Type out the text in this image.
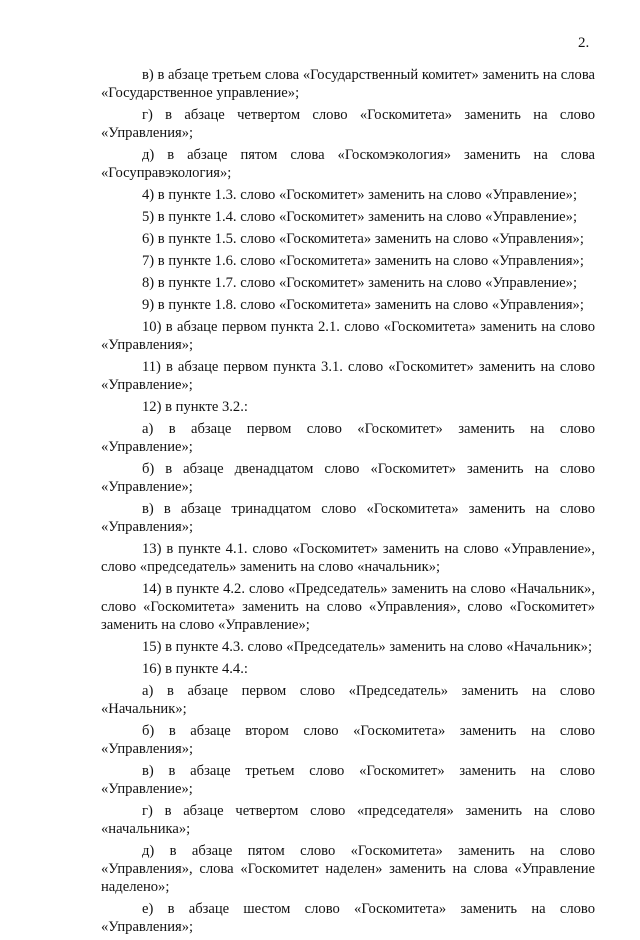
2.

в) в абзаце третьем слова «Государственный комитет» заменить на слова «Государственное управление»;

г) в абзаце четвертом слово «Госкомитета» заменить на слово «Управления»;

д) в абзаце пятом слова «Госкомэкология» заменить на слова «Госуправэкология»;

4) в пункте 1.3. слово «Госкомитет» заменить на слово «Управление»;

5) в пункте 1.4. слово «Госкомитет» заменить на слово «Управление»;

6) в пункте 1.5. слово «Госкомитета» заменить на слово «Управления»;

7) в пункте 1.6. слово «Госкомитета» заменить на слово «Управления»;

8) в пункте 1.7. слово «Госкомитет» заменить на слово «Управление»;

9) в пункте 1.8. слово «Госкомитета» заменить на слово «Управления»;

10) в абзаце первом пункта 2.1. слово «Госкомитета» заменить на слово «Управления»;

11) в абзаце первом пункта 3.1. слово «Госкомитет» заменить на слово «Управление»;

12) в пункте 3.2.:

а) в абзаце первом слово «Госкомитет» заменить на слово «Управление»;

б) в абзаце двенадцатом слово «Госкомитет» заменить на слово «Управление»;

в) в абзаце тринадцатом слово «Госкомитета» заменить на слово «Управления»;

13) в пункте 4.1. слово «Госкомитет» заменить на слово «Управление», слово «председатель» заменить на слово «начальник»;

14) в пункте 4.2. слово «Председатель» заменить на слово «Начальник», слово «Госкомитета» заменить на слово «Управления», слово «Госкомитет» заменить на слово «Управление»;

15) в пункте 4.3. слово «Председатель» заменить на слово «Начальник»;

16) в пункте 4.4.:

а) в абзаце первом слово «Председатель» заменить на слово «Начальник»;

б) в абзаце втором слово «Госкомитета» заменить на слово «Управления»;

в) в абзаце третьем слово «Госкомитет» заменить на слово «Управление»;

г) в абзаце четвертом слово «председателя» заменить на слово «начальника»;

д) в абзаце пятом слово «Госкомитета» заменить на слово «Управления», слова «Госкомитет наделен» заменить на слова «Управление наделено»;

е) в абзаце шестом слово «Госкомитета» заменить на слово «Управления»;
